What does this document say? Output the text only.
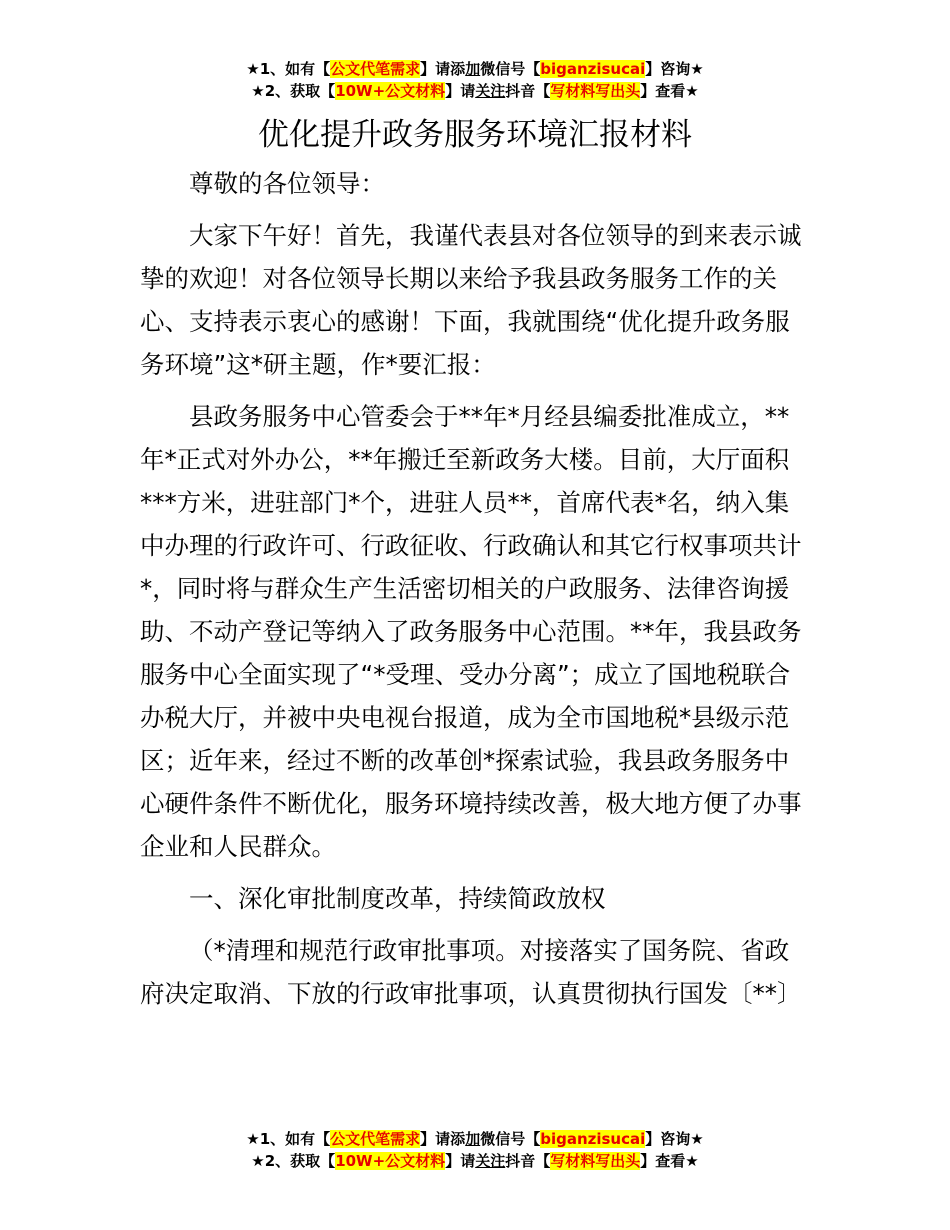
★1、如有【公文代笔需求】请添加微信号【biganzisucai】咨询★
★2、获取【10W+公文材料】请关注抖音【写材料写出头】查看★
优化提升政务服务环境汇报材料

尊敬的各位领导：

大家下午好！首先，我谨代表县对各位领导的到来表示诚挚的欢迎！对各位领导长期以来给予我县政务服务工作的关心、支持表示衷心的感谢！下面，我就围绕“优化提升政务服务环境”这*研主题，作*要汇报：

县政务服务中心管委会于**年*月经县编委批准成立，**年*正式对外办公，**年搬迁至新政务大楼。目前，大厅面积***方米，进驻部门*个，进驻人员**，首席代表*名，纳入集中办理的行政许可、行政征收、行政确认和其它行权事项共计*，同时将与群众生产生活密切相关的户政服务、法律咨询援助、不动产登记等纳入了政务服务中心范围。**年，我县政务服务中心全面实现了“*受理、受办分离”；成立了国地税联合办税大厅，并被中央电视台报道，成为全市国地税*县级示范区；近年来，经过不断的改革创*探索试验，我县政务服务中心硬件条件不断优化，服务环境持续改善，极大地方便了办事企业和人民群众。

一、深化审批制度改革，持续简政放权

（*清理和规范行政审批事项。对接落实了国务院、省政府决定取消、下放的行政审批事项，认真贯彻执行国发〔**〕

★1、如有【公文代笔需求】请添加微信号【biganzisucai】咨询★
★2、获取【10W+公文材料】请关注抖音【写材料写出头】查看★
